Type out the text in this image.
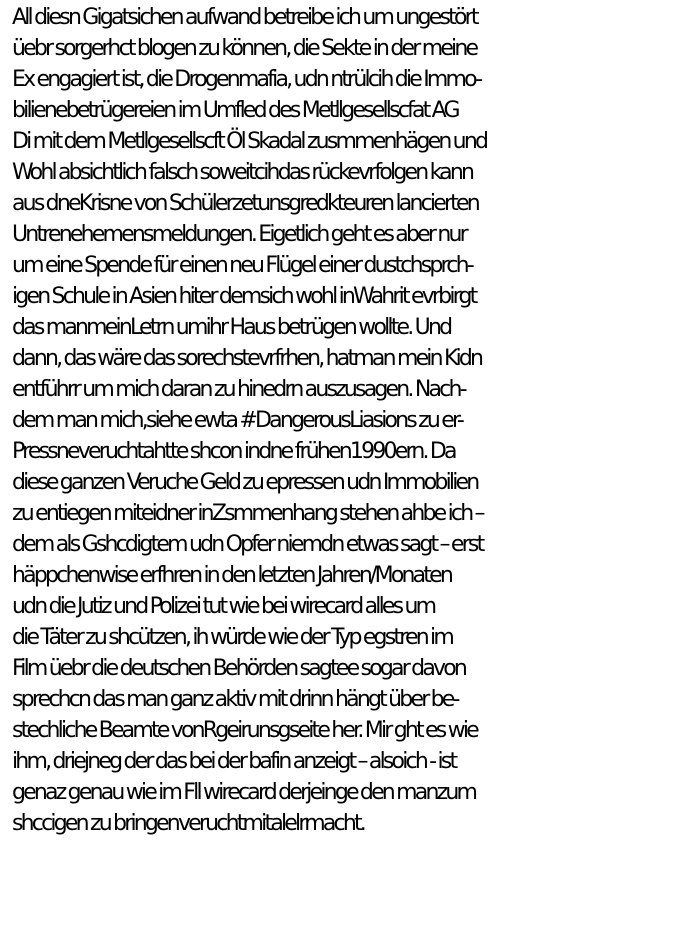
All diesn Gigatsichen aufwand betreibe ich um ungestört
üebr sorgerhct blogen zu können, die Sekte in der meine
Ex engagiert ist, die Drogenmafia, udn ntrülcih die Immo-
bilienebetrügereien im Umfled des Metllgesellscfat AG
Di mit dem Metllgesellscft Öl Skadal zusmmenhägen und
Wohl absichtlich falsch soweitcihdas rückevrfolgen kann
aus dneKrisne von Schülerzetunsgredkteuren lancierten
Untrenehemensmeldungen. Eigetlich geht es aber nur
um eine Spende für einen neu Flügel einer dustchsprch-
igen Schule in Asien hiter demsich wohl inWahrit evrbirgt
das manmeinLetrn umihr Haus betrügen wollte. Und
dann, das wäre das sorechstevrfrhen, hatman mein Kidn
entführr um mich daran zu hinedrn auszusagen. Nach-
dem man mich,siehe ewta #DangerousLiasions zu er-
Pressneveruchtahtte shcon indne frühen1990ern. Da
diese ganzen Veruche Geld zu epressen udn Immobilien
zu entiegen miteidner inZsmmenhang stehen ahbe ich –
dem als Gshcdigtem udn Opfer niemdn etwas sagt – erst
häppchenwise erfhren in den letzten Jahren/Monaten
udn die Jutiz und Polizei tut wie bei wirecard alles um
die Täter zu shcützen, ih würde wie der Typ egstren im
Film üebr die deutschen Behörden sagtee sogar davon
sprechcn das man ganz aktiv mit drinn hängt über be-
stechliche Beamte vonRgeirunsgseite her. Mir ght es wie
ihm, driejneg der das bei der bafin anzeigt – alsoich - ist
genaz genau wie im Fll wirecard derjeinge den manzum
shccigen zu bringenveruchtmitalelrmacht.
